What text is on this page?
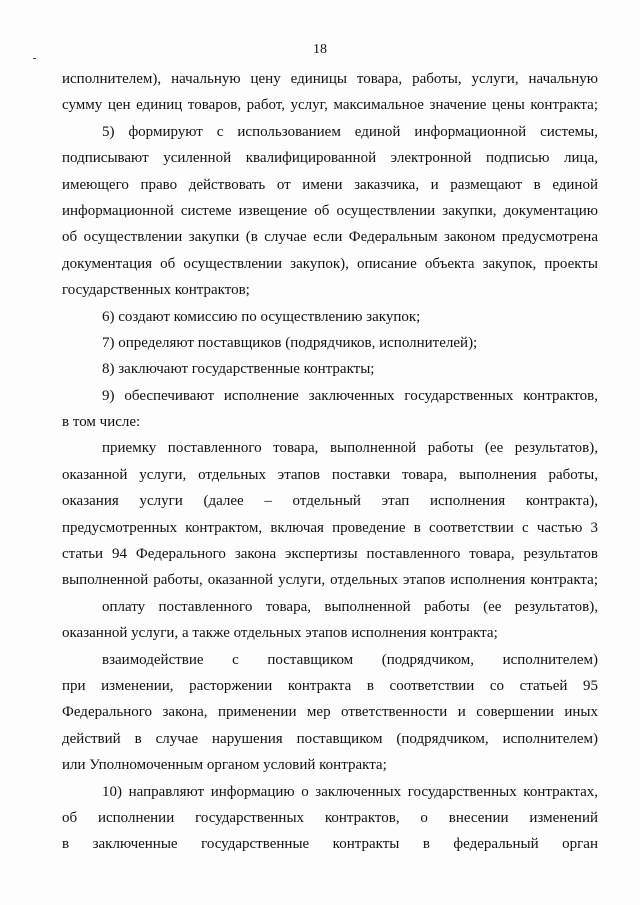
18
исполнителем), начальную цену единицы товара, работы, услуги, начальную
сумму цен единиц товаров, работ, услуг, максимальное значение цены контракта;
5) формируют с использованием единой информационной системы,
подписывают усиленной квалифицированной электронной подписью лица,
имеющего право действовать от имени заказчика, и размещают в единой
информационной системе извещение об осуществлении закупки, документацию
об осуществлении закупки (в случае если Федеральным законом предусмотрена
документация об осуществлении закупок), описание объекта закупок, проекты
государственных контрактов;
6) создают комиссию по осуществлению закупок;
7) определяют поставщиков (подрядчиков, исполнителей);
8) заключают государственные контракты;
9) обеспечивают исполнение заключенных государственных контрактов,
в том числе:
приемку поставленного товара, выполненной работы (ее результатов),
оказанной услуги, отдельных этапов поставки товара, выполнения работы,
оказания услуги (далее – отдельный этап исполнения контракта),
предусмотренных контрактом, включая проведение в соответствии с частью 3
статьи 94 Федерального закона экспертизы поставленного товара, результатов
выполненной работы, оказанной услуги, отдельных этапов исполнения контракта;
оплату поставленного товара, выполненной работы (ее результатов),
оказанной услуги, а также отдельных этапов исполнения контракта;
взаимодействие с поставщиком (подрядчиком, исполнителем)
при изменении, расторжении контракта в соответствии со статьей 95
Федерального закона, применении мер ответственности и совершении иных
действий в случае нарушения поставщиком (подрядчиком, исполнителем)
или Уполномоченным органом условий контракта;
10) направляют информацию о заключенных государственных контрактах,
об исполнении государственных контрактов, о внесении изменений
в заключенные государственные контракты в федеральный орган
